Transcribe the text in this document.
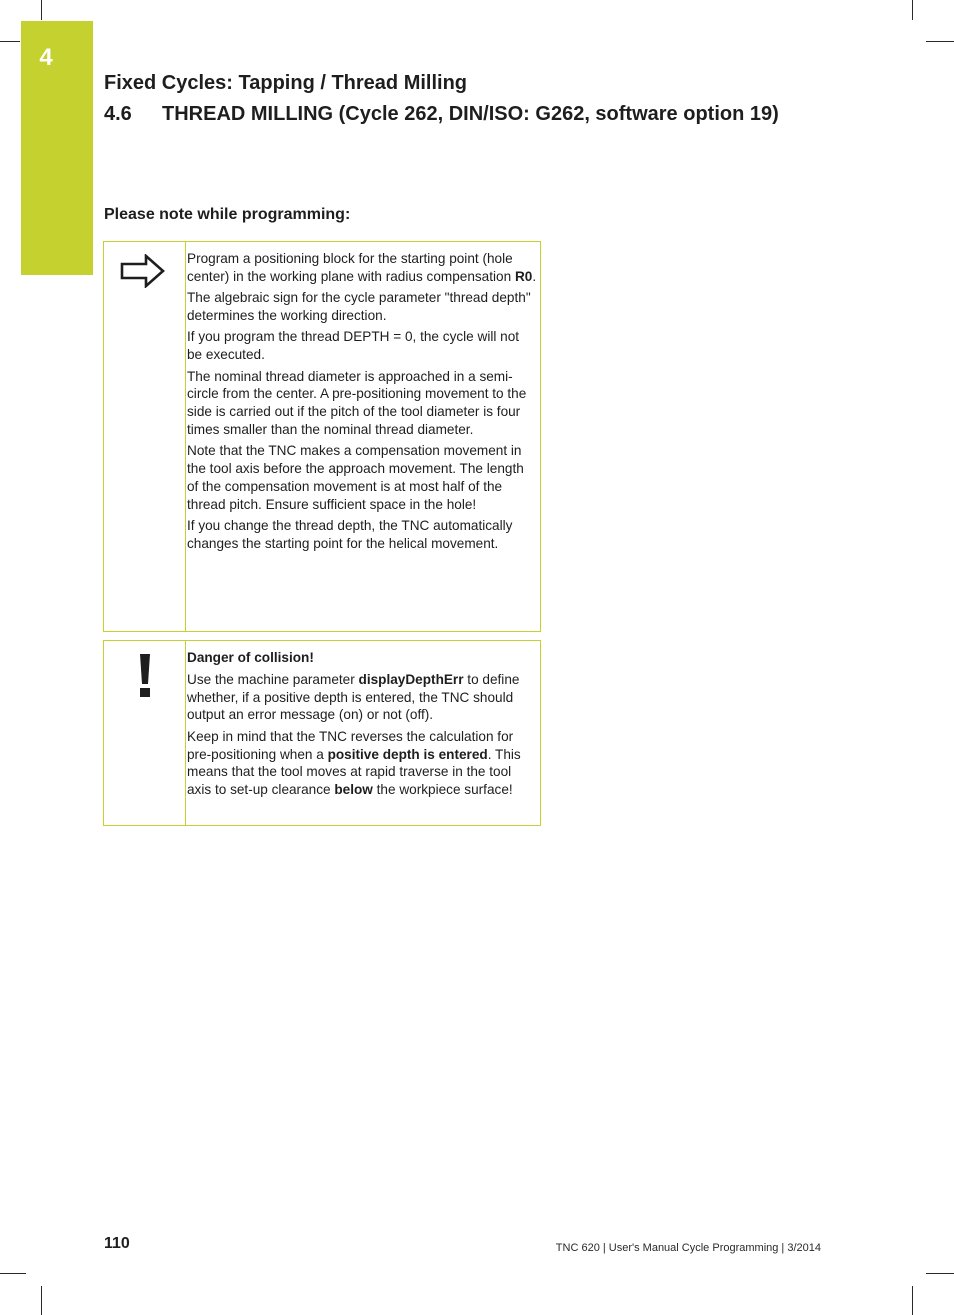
4
Fixed Cycles: Tapping / Thread Milling
4.6 THREAD MILLING (Cycle 262, DIN/ISO: G262, software option 19)
Please note while programming:

Program a positioning block for the starting point (hole center) in the working plane with radius compensation R0.

The algebraic sign for the cycle parameter "thread depth" determines the working direction.

If you program the thread DEPTH = 0, the cycle will not be executed.

The nominal thread diameter is approached in a semi-circle from the center. A pre-positioning movement to the side is carried out if the pitch of the tool diameter is four times smaller than the nominal thread diameter.

Note that the TNC makes a compensation movement in the tool axis before the approach movement. The length of the compensation movement is at most half of the thread pitch. Ensure sufficient space in the hole!

If you change the thread depth, the TNC automatically changes the starting point for the helical movement.

Danger of collision!

Use the machine parameter displayDepthErr to define whether, if a positive depth is entered, the TNC should output an error message (on) or not (off).

Keep in mind that the TNC reverses the calculation for pre-positioning when a positive depth is entered. This means that the tool moves at rapid traverse in the tool axis to set-up clearance below the workpiece surface!

110	TNC 620 | User's Manual Cycle Programming | 3/2014
